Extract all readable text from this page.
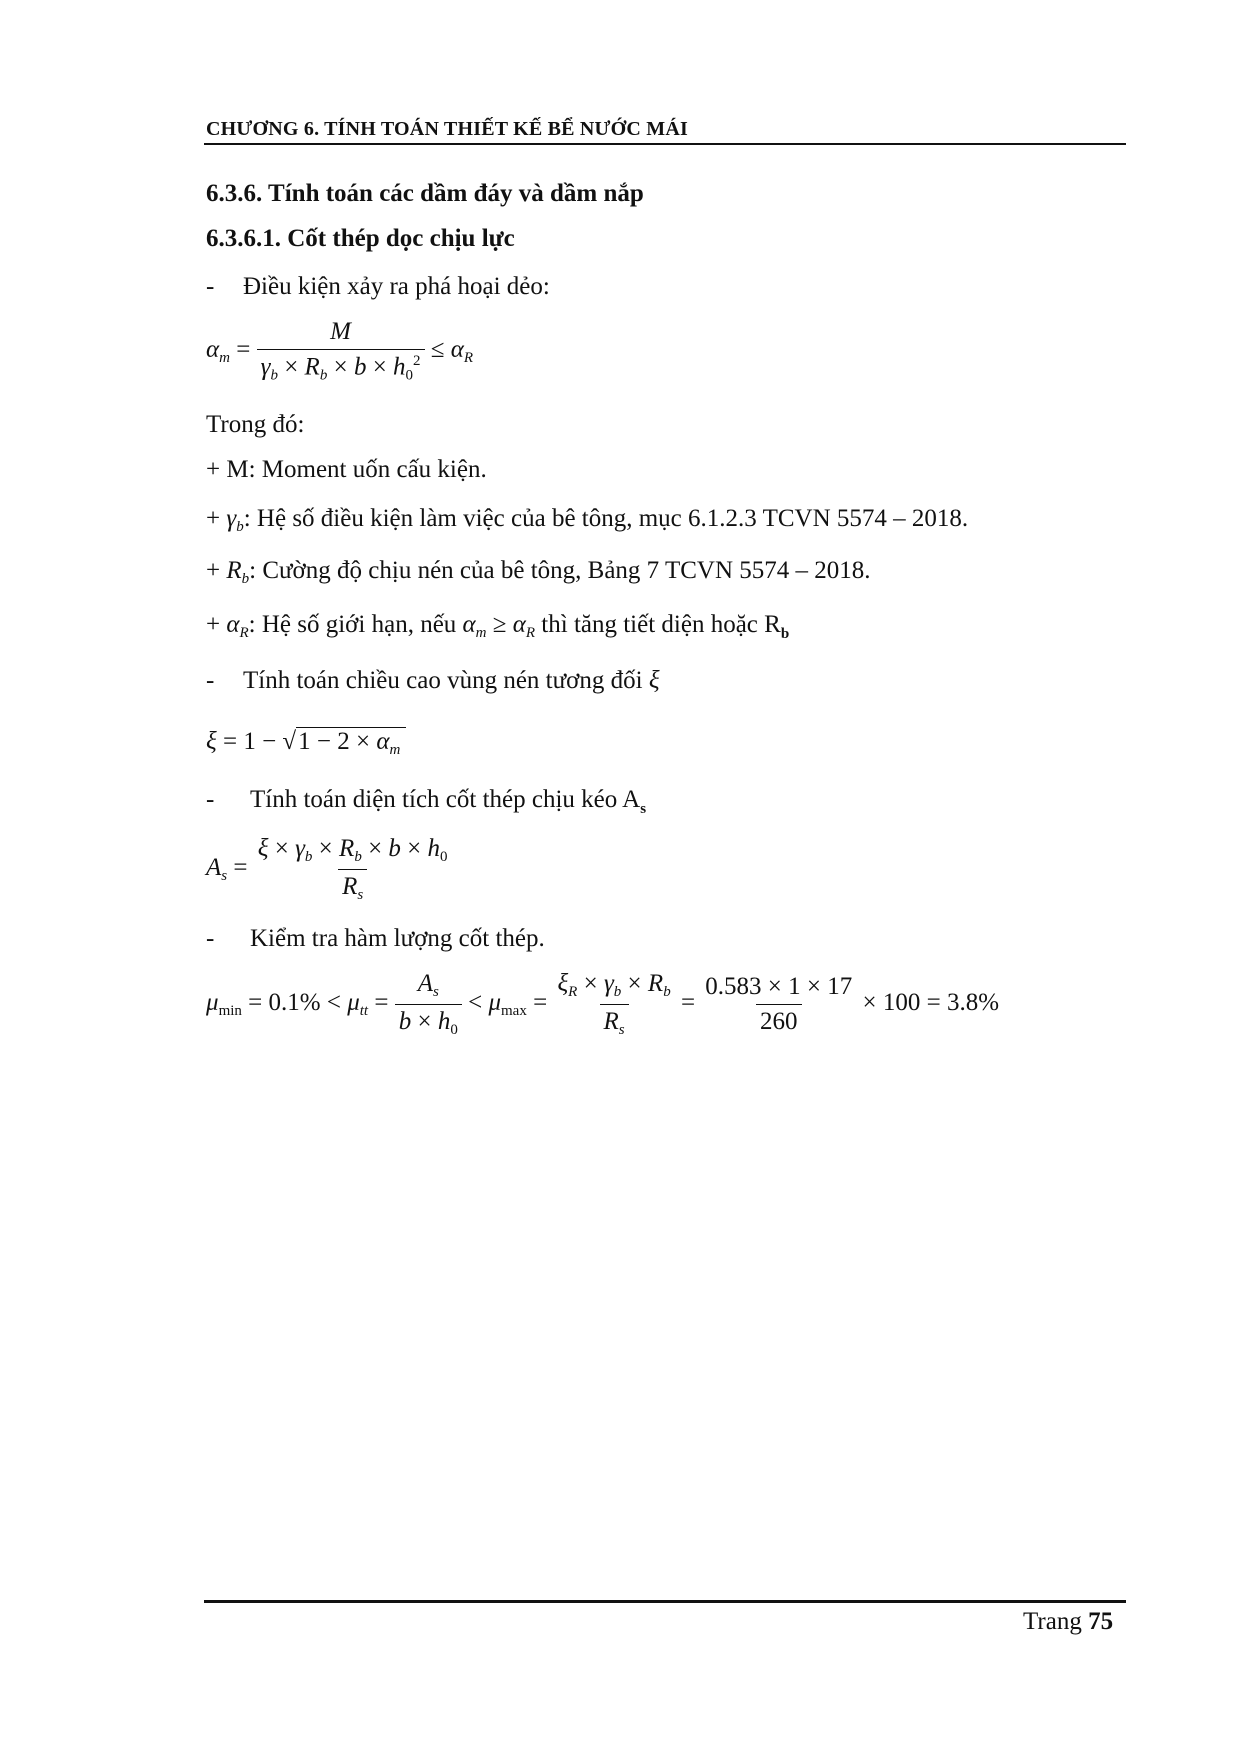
CHƯƠNG 6. TÍNH TOÁN THIẾT KẾ BỂ NƯỚC MÁI
6.3.6. Tính toán các dầm đáy và dầm nắp
6.3.6.1. Cốt thép dọc chịu lực
- Điều kiện xảy ra phá hoại dẻo:
$\alpha_m = \frac{M}{\gamma_b \times R_b \times b \times h_0^2} \le \alpha_R$
Trong đó:
+ M: Moment uốn cấu kiện.
+ $\gamma_b$: Hệ số điều kiện làm việc của bê tông, mục 6.1.2.3 TCVN 5574 – 2018.
+ $R_b$: Cường độ chịu nén của bê tông, Bảng 7 TCVN 5574 – 2018.
+ $\alpha_R$: Hệ số giới hạn, nếu $\alpha_m \ge \alpha_R$ thì tăng tiết diện hoặc $R_b$
- Tính toán chiều cao vùng nén tương đối ξ
$\xi = 1 - √1 - 2 \times \alpha_m$
- Tính toán diện tích cốt thép chịu kéo $A_s$
$A_s = \frac{\xi \times \gamma_b \times R_b \times b \times h_0}{R_s}$
- Kiểm tra hàm lượng cốt thép.
$\mu_{min} = 0.1\% < \mu_{tt} = \frac{A_s}{b \times h_0} < \mu_{max} = \frac{\xi_R \times \gamma_b \times R_b}{R_s} = \frac{0.583 \times 1 \times 17}{260} \times 100 = 3.8\%$
Trang 75
